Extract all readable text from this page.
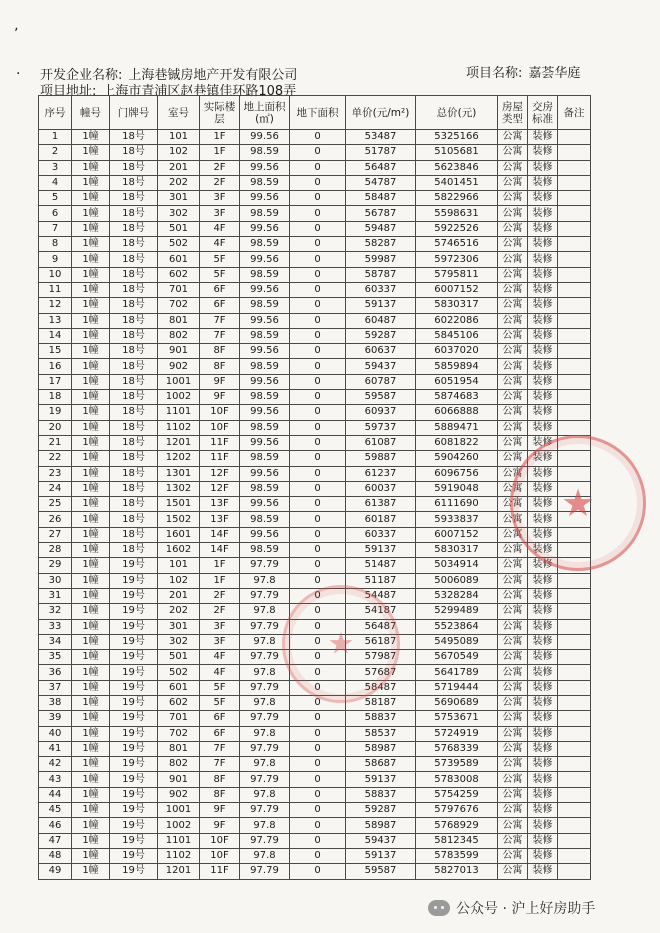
ʼ
· 开发企业名称: 上海巷铖房地产开发有限公司	项目名称: 嘉荟华庭
项目地址: 上海市青浦区赵巷镇佳环路108弄
序号	幢号	门牌号	室号	实际楼层	地上面积(㎡)	地下面积	单价(元/m²)	总价(元)	房屋类型	交房标准	备注
1	1幢	18号	101	1F	99.56	0	53487	5325166	公寓	装修	
2	1幢	18号	102	1F	98.59	0	51787	5105681	公寓	装修	
3	1幢	18号	201	2F	99.56	0	56487	5623846	公寓	装修	
4	1幢	18号	202	2F	98.59	0	54787	5401451	公寓	装修	
5	1幢	18号	301	3F	99.56	0	58487	5822966	公寓	装修	
6	1幢	18号	302	3F	98.59	0	56787	5598631	公寓	装修	
7	1幢	18号	501	4F	99.56	0	59487	5922526	公寓	装修	
8	1幢	18号	502	4F	98.59	0	58287	5746516	公寓	装修	
9	1幢	18号	601	5F	99.56	0	59987	5972306	公寓	装修	
10	1幢	18号	602	5F	98.59	0	58787	5795811	公寓	装修	
11	1幢	18号	701	6F	99.56	0	60337	6007152	公寓	装修	
12	1幢	18号	702	6F	98.59	0	59137	5830317	公寓	装修	
13	1幢	18号	801	7F	99.56	0	60487	6022086	公寓	装修	
14	1幢	18号	802	7F	98.59	0	59287	5845106	公寓	装修	
15	1幢	18号	901	8F	99.56	0	60637	6037020	公寓	装修	
16	1幢	18号	902	8F	98.59	0	59437	5859894	公寓	装修	
17	1幢	18号	1001	9F	99.56	0	60787	6051954	公寓	装修	
18	1幢	18号	1002	9F	98.59	0	59587	5874683	公寓	装修	
19	1幢	18号	1101	10F	99.56	0	60937	6066888	公寓	装修	
20	1幢	18号	1102	10F	98.59	0	59737	5889471	公寓	装修	
21	1幢	18号	1201	11F	99.56	0	61087	6081822	公寓	装修	
22	1幢	18号	1202	11F	98.59	0	59887	5904260	公寓	装修	
23	1幢	18号	1301	12F	99.56	0	61237	6096756	公寓	装修	
24	1幢	18号	1302	12F	98.59	0	60037	5919048	公寓	装修	
25	1幢	18号	1501	13F	99.56	0	61387	6111690	公寓	装修	
26	1幢	18号	1502	13F	98.59	0	60187	5933837	公寓	装修	
27	1幢	18号	1601	14F	99.56	0	60337	6007152	公寓	装修	
28	1幢	18号	1602	14F	98.59	0	59137	5830317	公寓	装修	
29	1幢	19号	101	1F	97.79	0	51487	5034914	公寓	装修	
30	1幢	19号	102	1F	97.8	0	51187	5006089	公寓	装修	
31	1幢	19号	201	2F	97.79	0	54487	5328284	公寓	装修	
32	1幢	19号	202	2F	97.8	0	54187	5299489	公寓	装修	
33	1幢	19号	301	3F	97.79	0	56487	5523864	公寓	装修	
34	1幢	19号	302	3F	97.8	0	56187	5495089	公寓	装修	
35	1幢	19号	501	4F	97.79	0	57987	5670549	公寓	装修	
36	1幢	19号	502	4F	97.8	0	57687	5641789	公寓	装修	
37	1幢	19号	601	5F	97.79	0	58487	5719444	公寓	装修	
38	1幢	19号	602	5F	97.8	0	58187	5690689	公寓	装修	
39	1幢	19号	701	6F	97.79	0	58837	5753671	公寓	装修	
40	1幢	19号	702	6F	97.8	0	58537	5724919	公寓	装修	
41	1幢	19号	801	7F	97.79	0	58987	5768339	公寓	装修	
42	1幢	19号	802	7F	97.8	0	58687	5739589	公寓	装修	
43	1幢	19号	901	8F	97.79	0	59137	5783008	公寓	装修	
44	1幢	19号	902	8F	97.8	0	58837	5754259	公寓	装修	
45	1幢	19号	1001	9F	97.79	0	59287	5797676	公寓	装修	
46	1幢	19号	1002	9F	97.8	0	58987	5768929	公寓	装修	
47	1幢	19号	1101	10F	97.79	0	59437	5812345	公寓	装修	
48	1幢	19号	1102	10F	97.8	0	59137	5783599	公寓	装修	
49	1幢	19号	1201	11F	97.79	0	59587	5827013	公寓	装修	
★
★
公众号 · 沪上好房助手
